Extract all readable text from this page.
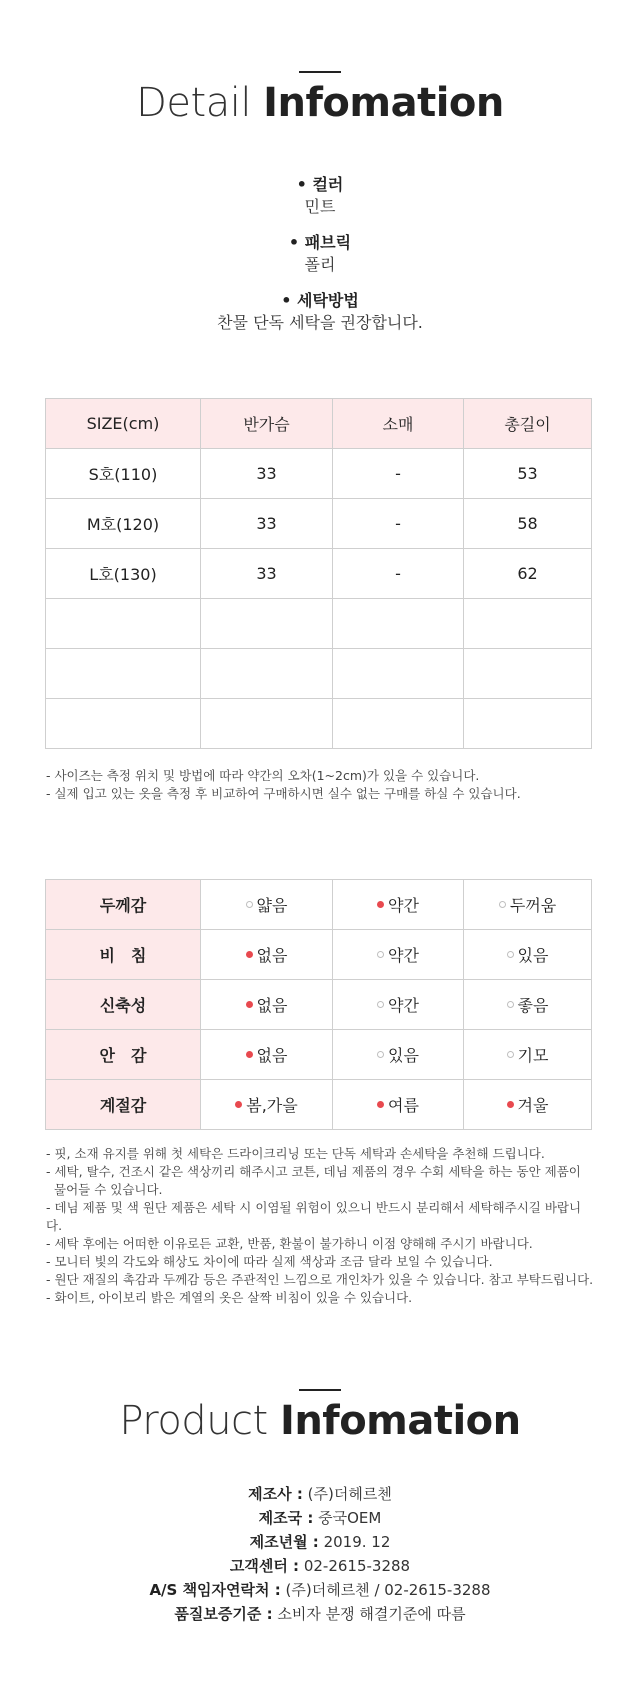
Detail Infomation
• 컬러
민트
• 패브릭
폴리
• 세탁방법
찬물 단독 세탁을 권장합니다.
SIZE(cm)	반가슴	소매	총길이
S호(110)	33	-	53
M호(120)	33	-	58
L호(130)	33	-	62

- 사이즈는 측정 위치 및 방법에 따라 약간의 오차(1~2cm)가 있을 수 있습니다.
- 실제 입고 있는 옷을 측정 후 비교하여 구매하시면 실수 없는 구매를 하실 수 있습니다.
두께감	얇음	약간	두꺼움

비　침	없음	약간	있음

신축성	없음	약간	좋음

안　감	없음	있음	기모

계절감	봄,가을	여름	겨울
- 핏, 소재 유지를 위해 첫 세탁은 드라이크리닝 또는 단독 세탁과 손세탁을 추천해 드립니다.
- 세탁, 탈수, 건조시 같은 색상끼리 해주시고 코튼, 데님 제품의 경우 수회 세탁을 하는 동안 제품이 물어들 수 있습니다.
- 데님 제품 및 색 원단 제품은 세탁 시 이염될 위험이 있으니 반드시 분리해서 세탁해주시길 바랍니다.
- 세탁 후에는 어떠한 이유로든 교환, 반품, 환불이 불가하니 이점 양해해 주시기 바랍니다.
- 모니터 빛의 각도와 해상도 차이에 따라 실제 색상과 조금 달라 보일 수 있습니다.
- 원단 재질의 촉감과 두께감 등은 주관적인 느낌으로 개인차가 있을 수 있습니다. 참고 부탁드립니다.
- 화이트, 아이보리 밝은 계열의 옷은 살짝 비침이 있을 수 있습니다.
Product Infomation
제조사 : (주)더헤르첸
제조국 : 중국OEM
제조년월 : 2019. 12
고객센터 : 02-2615-3288
A/S 책임자연락처 : (주)더헤르첸 / 02-2615-3288
품질보증기준 : 소비자 분쟁 해결기준에 따름
